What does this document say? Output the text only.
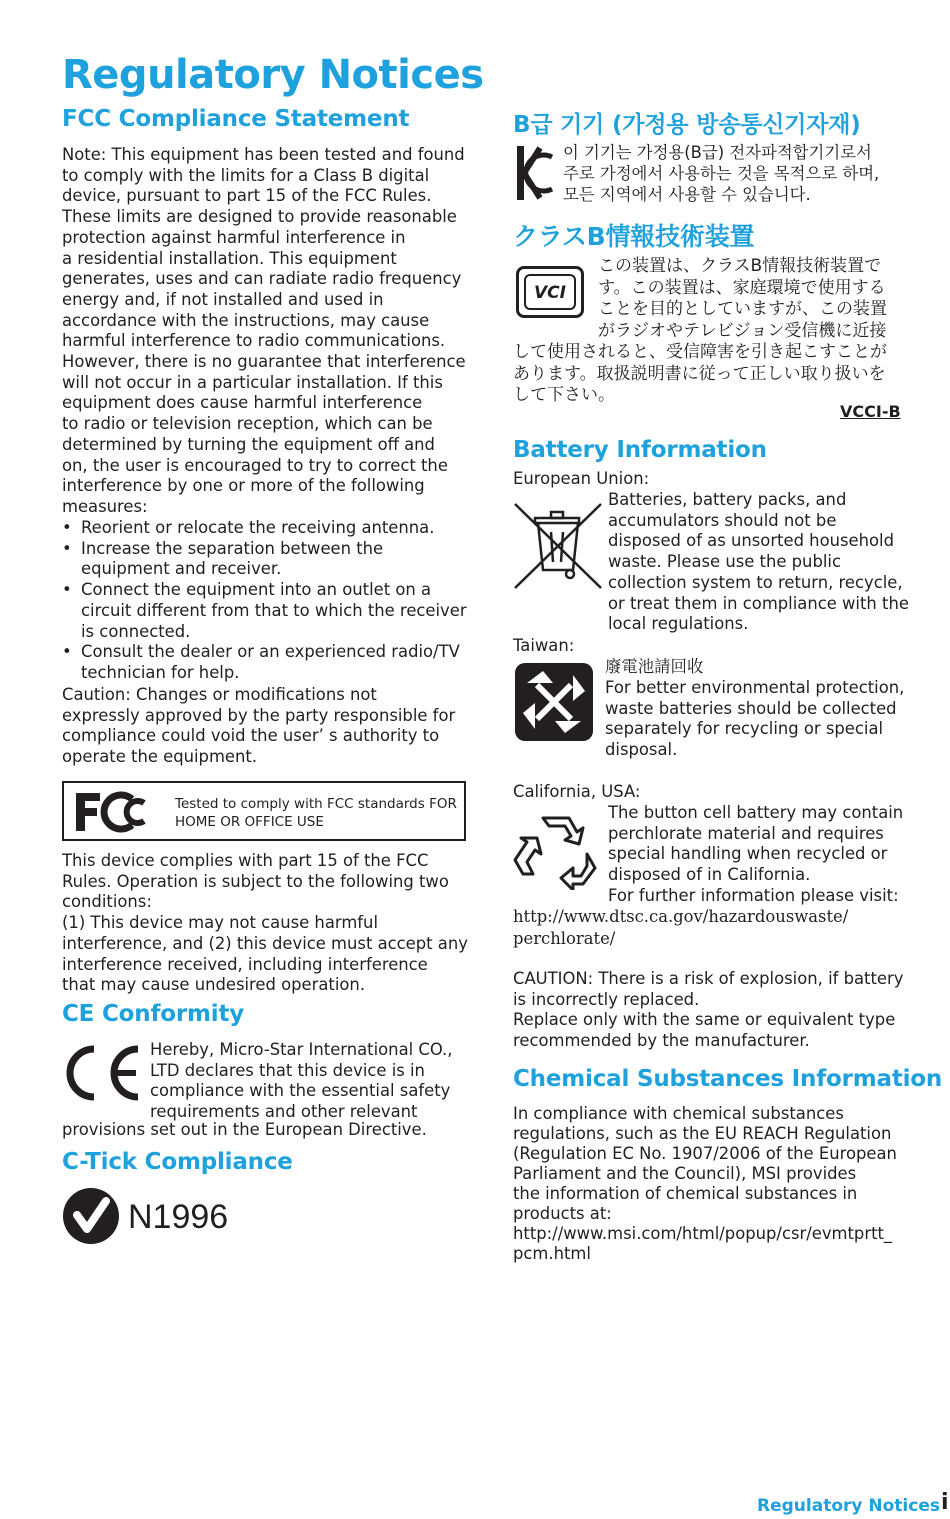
Regulatory Notices
FCC Compliance Statement
Note: This equipment has been tested and found
to comply with the limits for a Class B digital
device, pursuant to part 15 of the FCC Rules.
These limits are designed to provide reasonable
protection against harmful interference in
a residential installation. This equipment
generates, uses and can radiate radio frequency
energy and, if not installed and used in
accordance with the instructions, may cause
harmful interference to radio communications.
However, there is no guarantee that interference
will not occur in a particular installation. If this
equipment does cause harmful interference
to radio or television reception, which can be
determined by turning the equipment off and
on, the user is encouraged to try to correct the
interference by one or more of the following
measures:
• Reorient or relocate the receiving antenna.
• Increase the separation between the
equipment and receiver.
• Connect the equipment into an outlet on a
circuit different from that to which the receiver
is connected.
• Consult the dealer or an experienced radio/TV
technician for help.
Caution: Changes or modifications not
expressly approved by the party responsible for
compliance could void the user’ s authority to
operate the equipment.
Tested to comply with FCC standards FOR
HOME OR OFFICE USE
This device complies with part 15 of the FCC
Rules. Operation is subject to the following two
conditions:
(1) This device may not cause harmful
interference, and (2) this device must accept any
interference received, including interference
that may cause undesired operation.
CE Conformity
Hereby, Micro-Star International CO.,
LTD declares that this device is in
compliance with the essential safety
requirements and other relevant
provisions set out in the European Directive.
C-Tick Compliance
N1996
B급 기기 (가정용 방송통신기자재)
이 기기는 가정용(B급) 전자파적합기기로서
주로 가정에서 사용하는 것을 목적으로 하며,
모든 지역에서 사용할 수 있습니다.
クラスB情報技術装置
VCI
この装置は、クラスB情報技術装置で
す。この装置は、家庭環境で使用する
ことを目的としていますが、この装置
がラジオやテレビジョン受信機に近接
して使用されると、受信障害を引き起こすことが
あります。取扱説明書に従って正しい取り扱いを
して下さい。
VCCI-B
Battery Information
European Union:
Batteries, battery packs, and
accumulators should not be
disposed of as unsorted household
waste. Please use the public
collection system to return, recycle,
or treat them in compliance with the
local regulations.
Taiwan:
廢電池請回收
For better environmental protection,
waste batteries should be collected
separately for recycling or special
disposal.
California, USA:
The button cell battery may contain
perchlorate material and requires
special handling when recycled or
disposed of in California.
For further information please visit:
http://www.dtsc.ca.gov/hazardouswaste/
perchlorate/
CAUTION: There is a risk of explosion, if battery
is incorrectly replaced.
Replace only with the same or equivalent type
recommended by the manufacturer.
Chemical Substances Information
In compliance with chemical substances
regulations, such as the EU REACH Regulation
(Regulation EC No. 1907/2006 of the European
Parliament and the Council), MSI provides
the information of chemical substances in
products at:
http://www.msi.com/html/popup/csr/evmtprtt_
pcm.html
Regulatory Notices i
